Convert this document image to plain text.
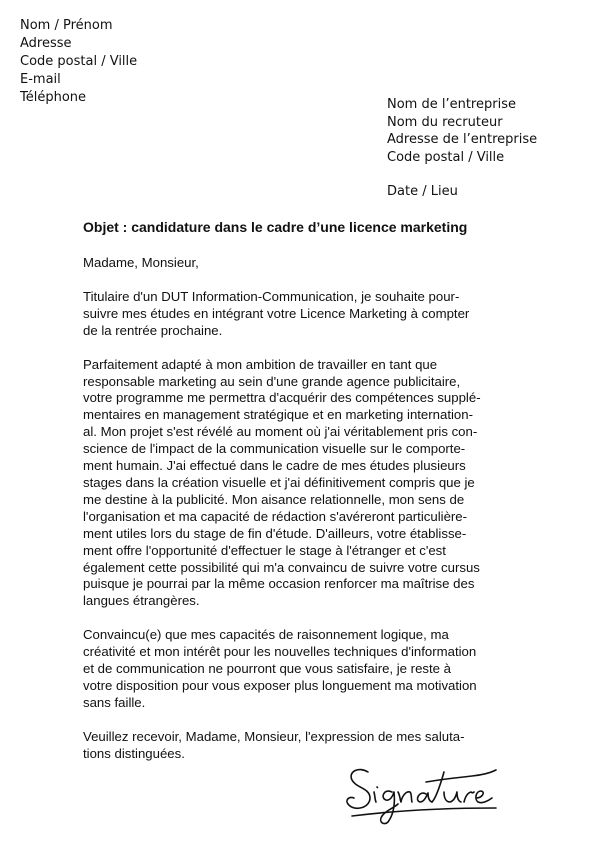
Nom / Prénom
Adresse
Code postal / Ville
E-mail
Téléphone	Nom de l’entreprise
Nom du recruteur
Adresse de l’entreprise
Code postal / Ville
Date / Lieu
Objet : candidature dans le cadre d’une licence marketing
Madame, Monsieur,
Titulaire d'un DUT Information-Communication, je souhaite pour-
suivre mes études en intégrant votre Licence Marketing à compter
de la rentrée prochaine.
Parfaitement adapté à mon ambition de travailler en tant que
responsable marketing au sein d'une grande agence publicitaire,
votre programme me permettra d'acquérir des compétences supplé-
mentaires en management stratégique et en marketing internation-
al. Mon projet s'est révélé au moment où j'ai véritablement pris con-
science de l'impact de la communication visuelle sur le comporte-
ment humain. J'ai effectué dans le cadre de mes études plusieurs
stages dans la création visuelle et j'ai définitivement compris que je
me destine à la publicité. Mon aisance relationnelle, mon sens de
l'organisation et ma capacité de rédaction s'avéreront particulière-
ment utiles lors du stage de fin d'étude. D'ailleurs, votre établisse-
ment offre l'opportunité d'effectuer le stage à l'étranger et c'est
également cette possibilité qui m'a convaincu de suivre votre cursus
puisque je pourrai par la même occasion renforcer ma maîtrise des
langues étrangères.
Convaincu(e) que mes capacités de raisonnement logique, ma
créativité et mon intérêt pour les nouvelles techniques d'information
et de communication ne pourront que vous satisfaire, je reste à
votre disposition pour vous exposer plus longuement ma motivation
sans faille.
Veuillez recevoir, Madame, Monsieur, l'expression de mes saluta-
tions distinguées.
